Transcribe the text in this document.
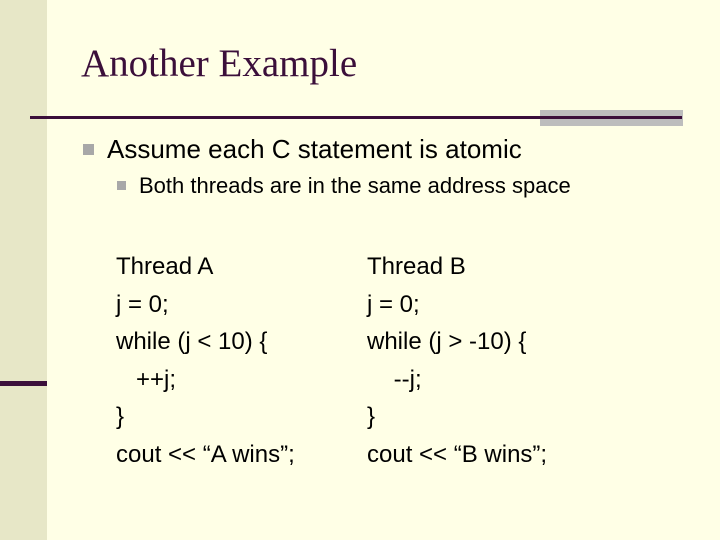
Another Example
Assume each C statement is atomic
Both threads are in the same address space
Thread A
j = 0;
while (j < 10) {
++j;
}
cout << “A wins”;
Thread B
j = 0;
while (j > -10) {
--j;
}
cout << “B wins”;
